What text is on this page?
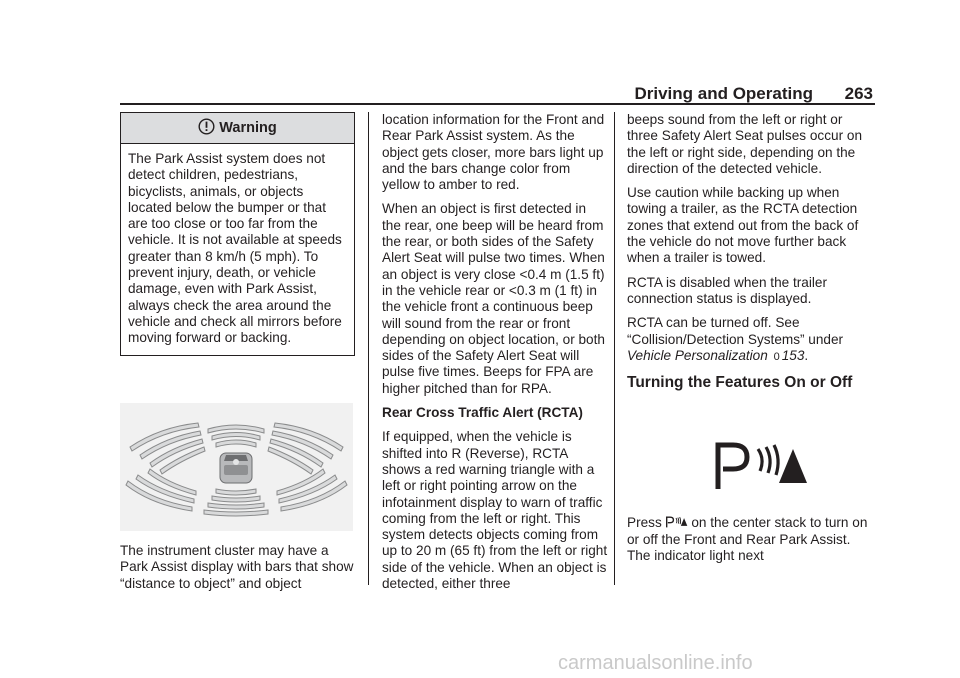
Driving and Operating 263
Warning
The Park Assist system does not detect children, pedestrians, bicyclists, animals, or objects located below the bumper or that are too close or too far from the vehicle. It is not available at speeds greater than 8 km/h (5 mph). To prevent injury, death, or vehicle damage, even with Park Assist, always check the area around the vehicle and check all mirrors before moving forward or backing.
The instrument cluster may have a Park Assist display with bars that show “distance to object” and object

location information for the Front and Rear Park Assist system. As the object gets closer, more bars light up and the bars change color from yellow to amber to red.

When an object is first detected in the rear, one beep will be heard from the rear, or both sides of the Safety Alert Seat will pulse two times. When an object is very close <0.4 m (1.5 ft) in the vehicle rear or <0.3 m (1 ft) in the vehicle front a continuous beep will sound from the rear or front depending on object location, or both sides of the Safety Alert Seat will pulse five times. Beeps for FPA are higher pitched than for RPA.

Rear Cross Traffic Alert (RCTA)

If equipped, when the vehicle is shifted into R (Reverse), RCTA shows a red warning triangle with a left or right pointing arrow on the infotainment display to warn of traffic coming from the left or right. This system detects objects coming from up to 20 m (65 ft) from the left or right side of the vehicle. When an object is detected, either three

beeps sound from the left or right or three Safety Alert Seat pulses occur on the left or right side, depending on the direction of the detected vehicle.

Use caution while backing up when towing a trailer, as the RCTA detection zones that extend out from the back of the vehicle do not move further back when a trailer is towed.

RCTA is disabled when the trailer connection status is displayed.

RCTA can be turned off. See “Collision/Detection Systems” under Vehicle Personalization 0 153.

Turning the Features On or Off

Press on the center stack to turn on or off the Front and Rear Park Assist. The indicator light next

carmanualsonline.info
